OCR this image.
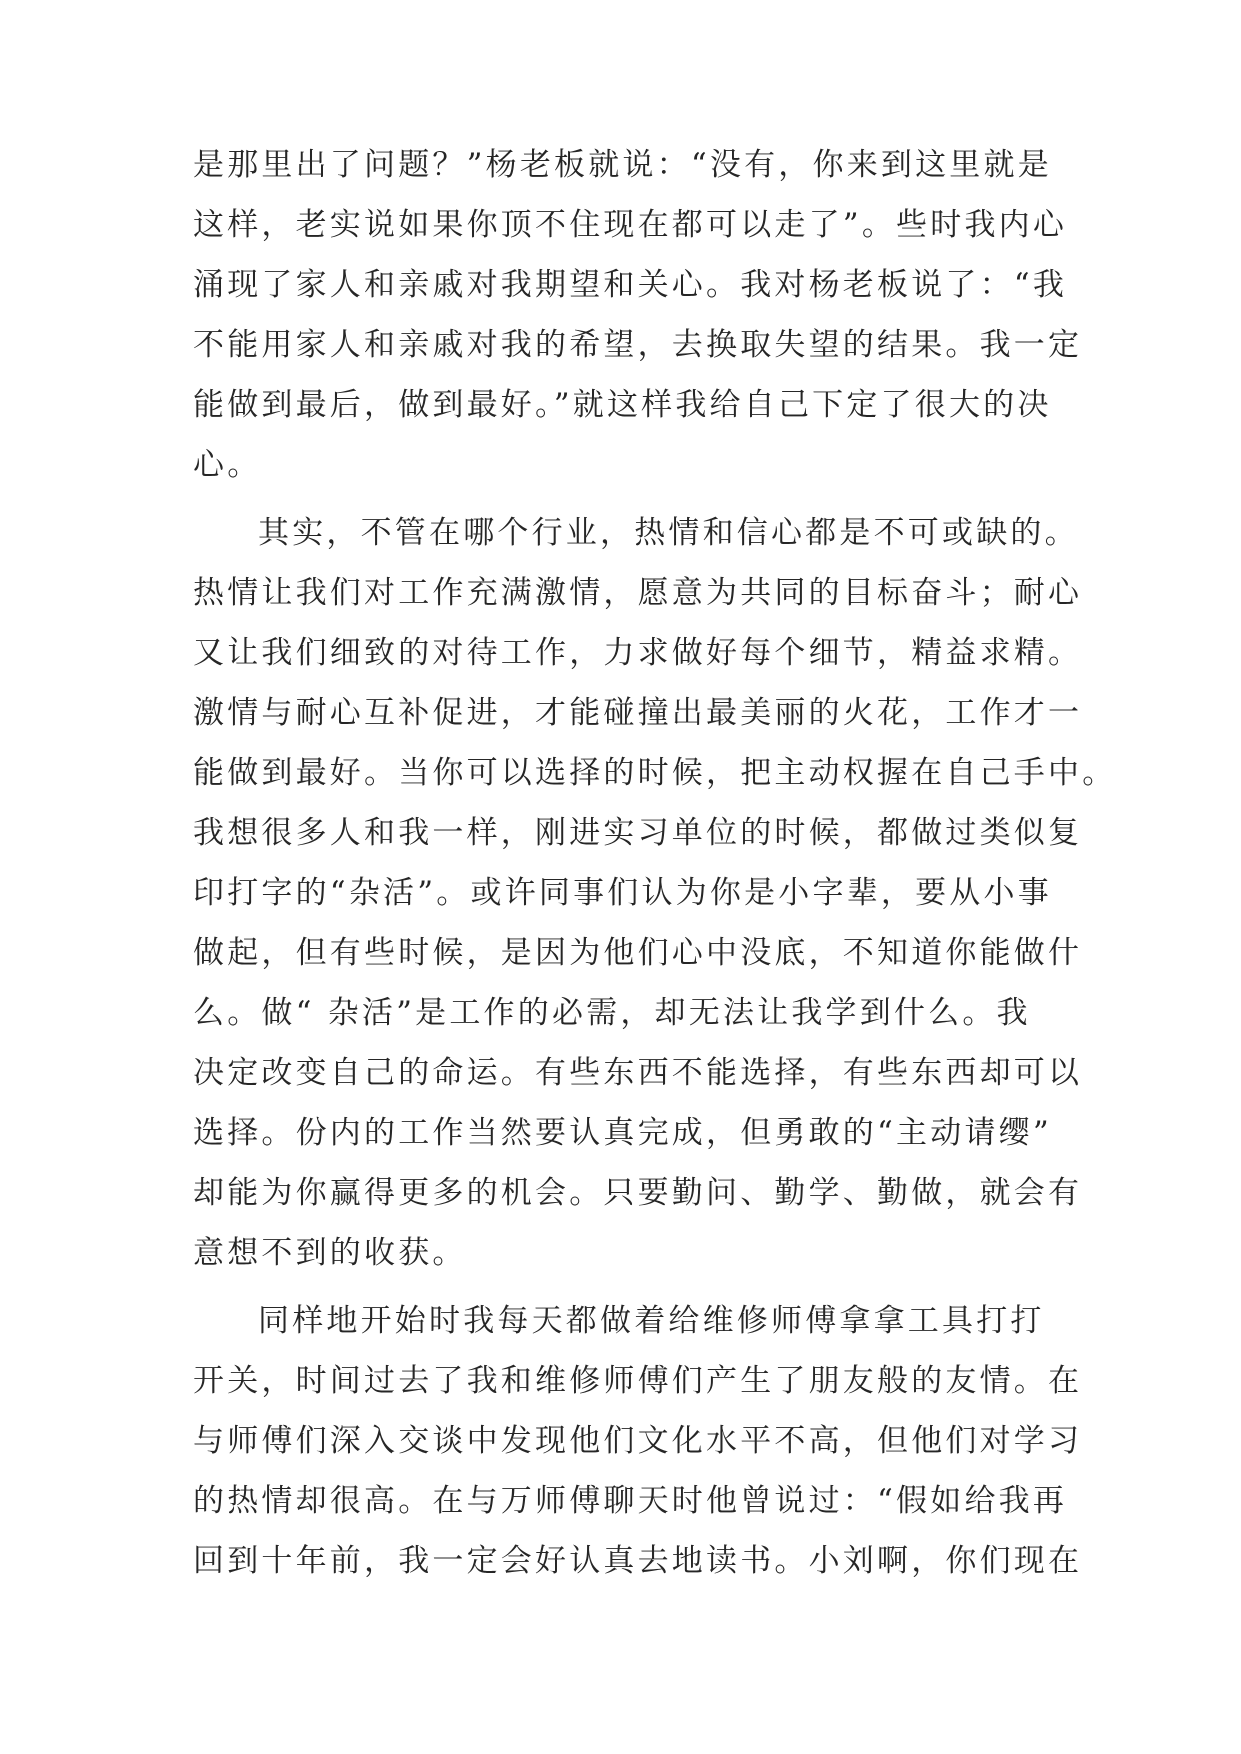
是那里出了问题？”杨老板就说：“没有，你来到这里就是
这样，老实说如果你顶不住现在都可以走了”。些时我内心
涌现了家人和亲戚对我期望和关心。我对杨老板说了：“我
不能用家人和亲戚对我的希望，去换取失望的结果。我一定
能做到最后，做到最好。”就这样我给自己下定了很大的决
心。
其实，不管在哪个行业，热情和信心都是不可或缺的。
热情让我们对工作充满激情，愿意为共同的目标奋斗；耐心
又让我们细致的对待工作，力求做好每个细节，精益求精。
激情与耐心互补促进，才能碰撞出最美丽的火花，工作才一
能做到最好。当你可以选择的时候，把主动权握在自己手中。
我想很多人和我一样，刚进实习单位的时候，都做过类似复
印打字的“杂活”。或许同事们认为你是小字辈，要从小事
做起，但有些时候，是因为他们心中没底，不知道你能做什
么。做“ 杂活”是工作的必需，却无法让我学到什么。我
决定改变自己的命运。有些东西不能选择，有些东西却可以
选择。份内的工作当然要认真完成，但勇敢的“主动请缨”
却能为你赢得更多的机会。只要勤问、勤学、勤做，就会有
意想不到的收获。
同样地开始时我每天都做着给维修师傅拿拿工具打打
开关，时间过去了我和维修师傅们产生了朋友般的友情。在
与师傅们深入交谈中发现他们文化水平不高，但他们对学习
的热情却很高。在与万师傅聊天时他曾说过：“假如给我再
回到十年前，我一定会好认真去地读书。小刘啊，你们现在
